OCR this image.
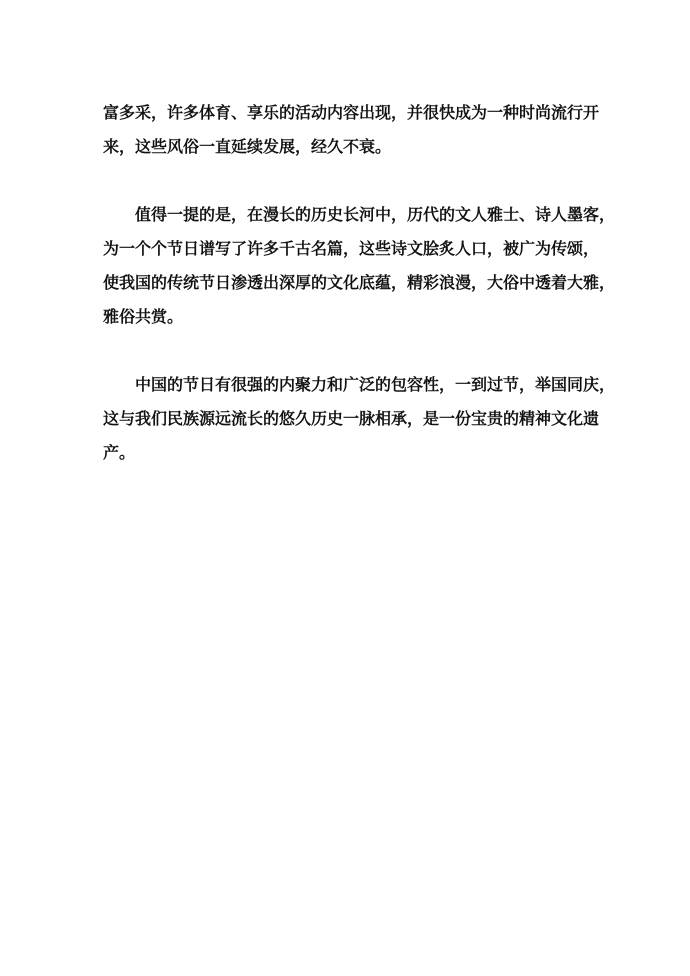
富多采，许多体育、享乐的活动内容出现，并很快成为一种时尚流行开
来，这些风俗一直延续发展，经久不衰。
值得一提的是，在漫长的历史长河中，历代的文人雅士、诗人墨客，
为一个个节日谱写了许多千古名篇，这些诗文脍炙人口，被广为传颂，
使我国的传统节日渗透出深厚的文化底蕴，精彩浪漫，大俗中透着大雅，
雅俗共赏。
中国的节日有很强的内聚力和广泛的包容性，一到过节，举国同庆，
这与我们民族源远流长的悠久历史一脉相承，是一份宝贵的精神文化遗
产。
